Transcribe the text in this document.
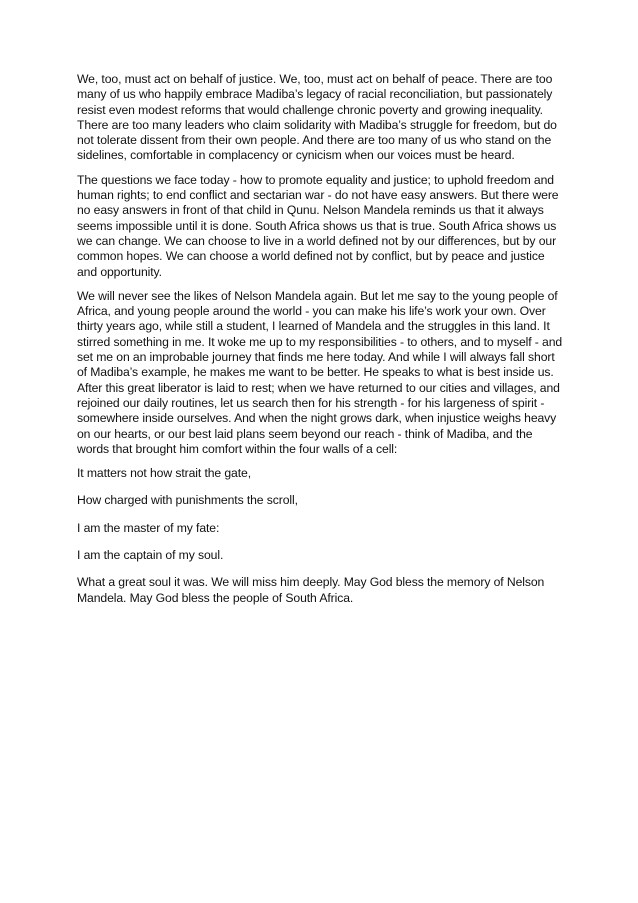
We, too, must act on behalf of justice. We, too, must act on behalf of peace. There are too many of us who happily embrace Madiba’s legacy of racial reconciliation, but passionately resist even modest reforms that would challenge chronic poverty and growing inequality. There are too many leaders who claim solidarity with Madiba’s struggle for freedom, but do not tolerate dissent from their own people. And there are too many of us who stand on the sidelines, comfortable in complacency or cynicism when our voices must be heard.

The questions we face today - how to promote equality and justice; to uphold freedom and human rights; to end conflict and sectarian war - do not have easy answers. But there were no easy answers in front of that child in Qunu. Nelson Mandela reminds us that it always seems impossible until it is done. South Africa shows us that is true. South Africa shows us we can change. We can choose to live in a world defined not by our differences, but by our common hopes. We can choose a world defined not by conflict, but by peace and justice and opportunity.

We will never see the likes of Nelson Mandela again. But let me say to the young people of Africa, and young people around the world - you can make his life’s work your own. Over thirty years ago, while still a student, I learned of Mandela and the struggles in this land. It stirred something in me. It woke me up to my responsibilities - to others, and to myself - and set me on an improbable journey that finds me here today. And while I will always fall short of Madiba’s example, he makes me want to be better. He speaks to what is best inside us. After this great liberator is laid to rest; when we have returned to our cities and villages, and rejoined our daily routines, let us search then for his strength - for his largeness of spirit - somewhere inside ourselves. And when the night grows dark, when injustice weighs heavy on our hearts, or our best laid plans seem beyond our reach - think of Madiba, and the words that brought him comfort within the four walls of a cell:

It matters not how strait the gate,

How charged with punishments the scroll,

I am the master of my fate:

I am the captain of my soul.

What a great soul it was. We will miss him deeply. May God bless the memory of Nelson Mandela. May God bless the people of South Africa.
